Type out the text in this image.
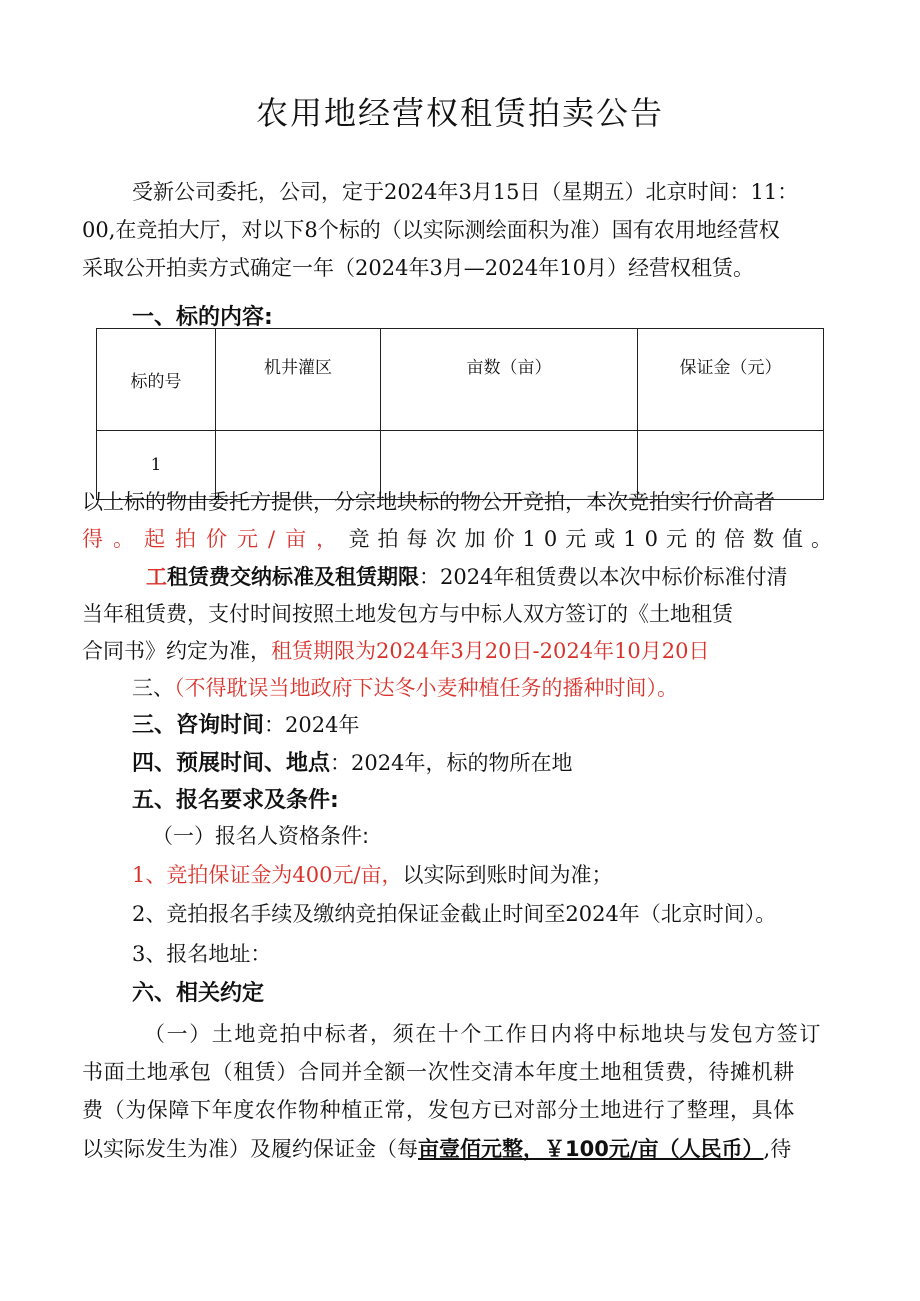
农用地经营权租赁拍卖公告
受新公司委托，公司，定于2024年3月15日（星期五）北京时间：11：
00,在竞拍大厅，对以下8个标的（以实际测绘面积为准）国有农用地经营权
采取公开拍卖方式确定一年（2024年3月—2024年10月）经营权租赁。
一、标的内容:
标的号	机井灌区	亩数（亩）	保证金（元）
1			
以上标的物由委托方提供，分宗地块标的物公开竞拍，本次竞拍实行价高者
得。起拍价元/亩， 竞拍每次加价10元或10元的倍数值。
工租赁费交纳标准及租赁期限：2024年租赁费以本次中标价标准付清
当年租赁费，支付时间按照土地发包方与中标人双方签订的《土地租赁
合同书》约定为准，租赁期限为2024年3月20日-2024年10月20日
三、（不得耽误当地政府下达冬小麦种植任务的播种时间）。
三、咨询时间：2024年
四、预展时间、地点：2024年，标的物所在地
五、报名要求及条件:
（一）报名人资格条件:
1、竞拍保证金为400元/亩，以实际到账时间为准；
2、竞拍报名手续及缴纳竞拍保证金截止时间至2024年（北京时间）。
3、报名地址：
六、相关约定
（一）土地竞拍中标者，须在十个工作日内将中标地块与发包方签订
书面土地承包（租赁）合同并全额一次性交清本年度土地租赁费，待摊机耕
费（为保障下年度农作物种植正常，发包方已对部分土地进行了整理，具体
以实际发生为准）及履约保证金（每亩壹佰元整，￥100元/亩（人民币）,待
